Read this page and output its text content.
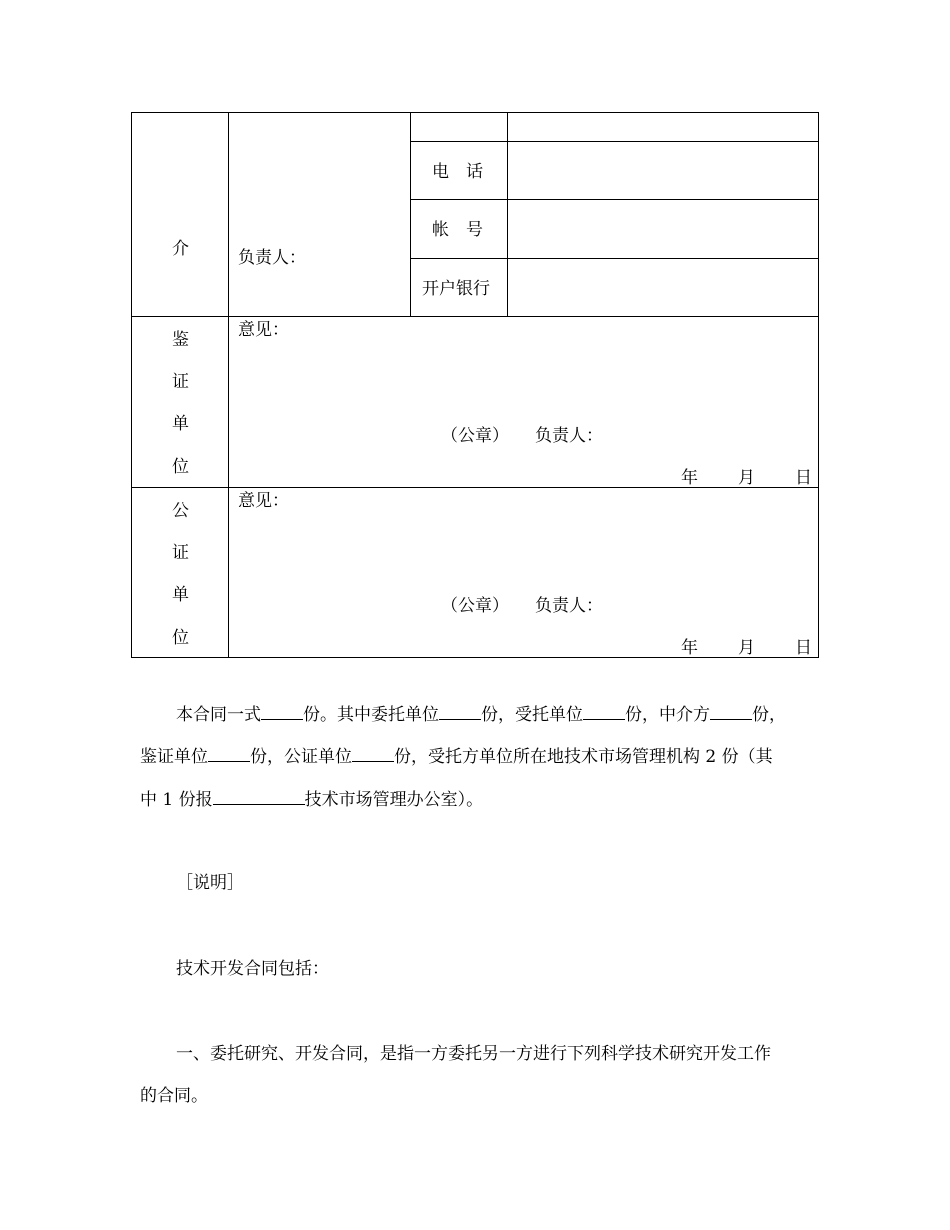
介	负责人：
电　话
帐　号
开户银行
鉴
证
单
位
意见：
（公章） 负责人：
年 月 日
公
证
单
位
意见：
（公章） 负责人：
年 月 日
本合同一式 份。其中委托单位 份，受托单位 份，中介方 份，
鉴证单位 份，公证单位 份，受托方单位所在地技术市场管理机构 2 份（其
中 1 份报	技术市场管理办公室）。
［说明］
技术开发合同包括：
一、委托研究、开发合同，是指一方委托另一方进行下列科学技术研究开发工作
的合同。
